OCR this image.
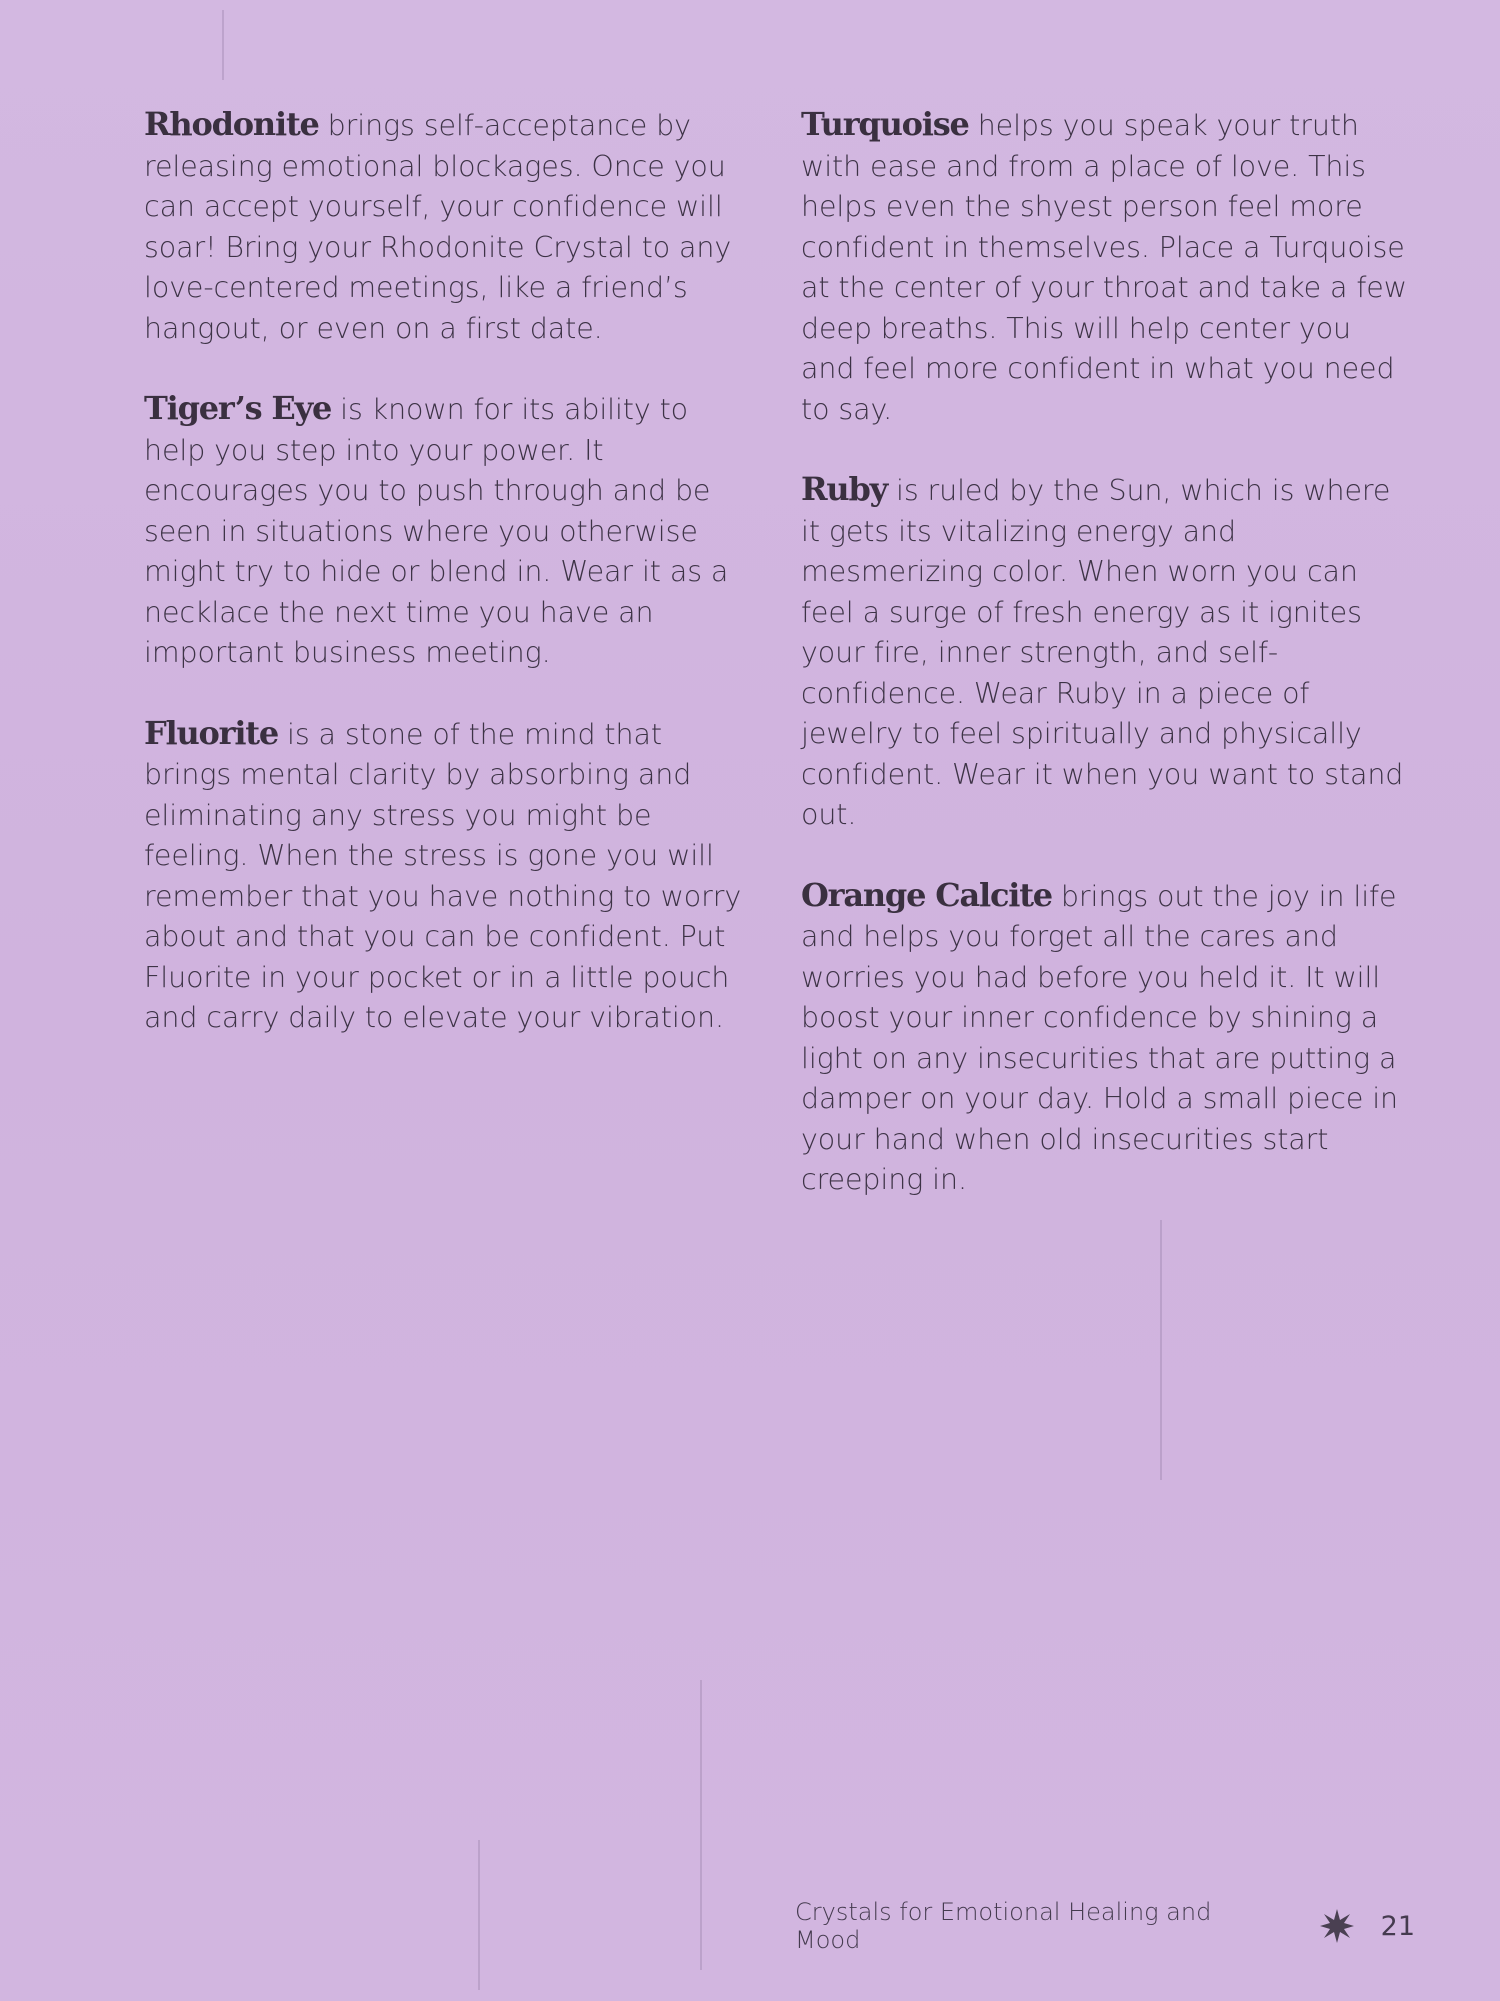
Rhodonite brings self-acceptance by releasing emotional blockages. Once you can accept yourself, your confidence will soar! Bring your Rhodonite Crystal to any love-centered meetings, like a friend’s hangout, or even on a first date.

Tiger’s Eye is known for its ability to help you step into your power. It encourages you to push through and be seen in situations where you otherwise might try to hide or blend in. Wear it as a necklace the next time you have an important business meeting.

Fluorite is a stone of the mind that brings mental clarity by absorbing and eliminating any stress you might be feeling. When the stress is gone you will remember that you have nothing to worry about and that you can be confident. Put Fluorite in your pocket or in a little pouch and carry daily to elevate your vibration.

Turquoise helps you speak your truth with ease and from a place of love. This helps even the shyest person feel more confident in themselves. Place a Turquoise at the center of your throat and take a few deep breaths. This will help center you and feel more confident in what you need to say.

Ruby is ruled by the Sun, which is where it gets its vitalizing energy and mesmerizing color. When worn you can feel a surge of fresh energy as it ignites your fire, inner strength, and self-confidence. Wear Ruby in a piece of jewelry to feel spiritually and physically confident. Wear it when you want to stand out.

Orange Calcite brings out the joy in life and helps you forget all the cares and worries you had before you held it. It will boost your inner confidence by shining a light on any insecurities that are putting a damper on your day. Hold a small piece in your hand when old insecurities start creeping in.

Crystals for Emotional Healing and Mood	21
